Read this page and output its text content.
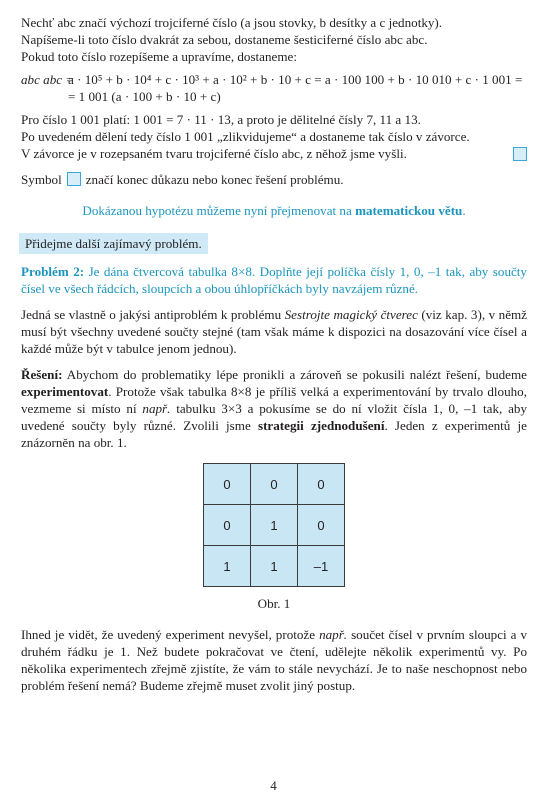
Nechť abc značí výchozí trojciferné číslo (a jsou stovky, b desítky a c jednotky).

Napíšeme-li toto číslo dvakrát za sebou, dostaneme šesticiferné číslo abc abc.

Pokud toto číslo rozepíšeme a upravíme, dostaneme:

abc abc =
a · 10⁵ + b · 10⁴ + c · 10³ + a · 10² + b · 10 + c = a · 100 100 + b · 10 010 + c · 1 001 =

= 1 001 (a · 100 + b · 10 + c)

Pro číslo 1 001 platí: 1 001 = 7 · 11 · 13, a proto je dělitelné čísly 7, 11 a 13.

Po uvedeném dělení tedy číslo 1 001 „zlikvidujeme“ a dostaneme tak číslo v závorce.

V závorce je v rozepsaném tvaru trojciferné číslo abc, z něhož jsme vyšli.

Symbol značí konec důkazu nebo konec řešení problému.

Dokázanou hypotézu můžeme nyní přejmenovat na matematickou větu.

Přidejme další zajímavý problém.

Problém 2: Je dána čtvercová tabulka 8×8. Doplňte její políčka čísly 1, 0, –1 tak, aby součty čísel ve všech řádcích, sloupcích a obou úhlopříčkách byly navzájem různé.

Jedná se vlastně o jakýsi antiproblém k problému Sestrojte magický čtverec (viz kap. 3), v němž musí být všechny uvedené součty stejné (tam však máme k dispozici na dosazování více čísel a každé může být v tabulce jenom jednou).

Řešení: Abychom do problematiky lépe pronikli a zároveň se pokusili nalézt řešení, budeme experimentovat. Protože však tabulka 8×8 je příliš velká a experimentování by trvalo dlouho, vezmeme si místo ní např. tabulku 3×3 a pokusíme se do ní vložit čísla 1, 0, –1 tak, aby uvedené součty byly různé. Zvolili jsme strategii zjednodušení. Jeden z experimentů je znázorněn na obr. 1.

0	0	0
0	1	0
1	1	–1

Obr. 1

Ihned je vidět, že uvedený experiment nevyšel, protože např. součet čísel v prvním sloupci a v druhém řádku je 1. Než budete pokračovat ve čtení, udělejte několik experimentů vy. Po několika experimentech zřejmě zjistíte, že vám to stále nevychází. Je to naše neschopnost nebo problém řešení nemá? Budeme zřejmě muset zvolit jiný postup.

4
